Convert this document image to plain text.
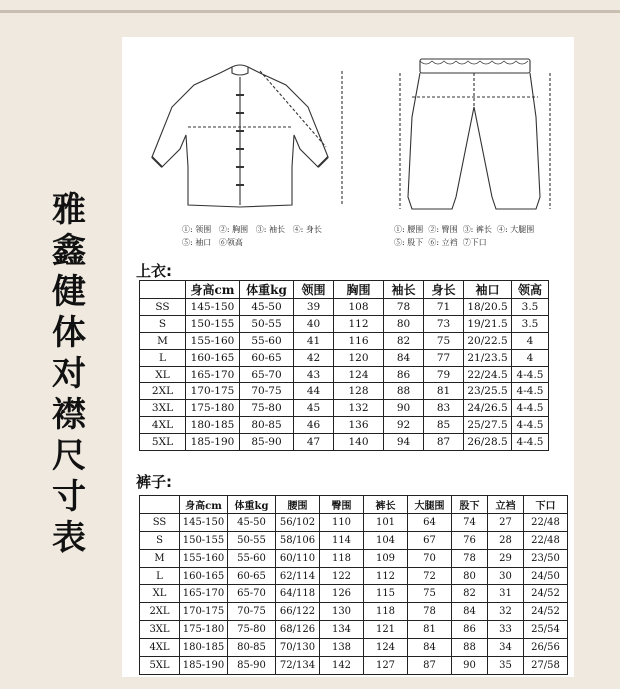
雅
鑫
健
体
对
襟
尺
寸
表
①: 领围 ②: 胸围 ③: 袖长 ④: 身长
⑤: 袖口 ⑥领高
①: 腰围 ②: 臀围 ③: 裤长 ④: 大腿围
⑤: 股下 ⑥: 立裆 ⑦下口
上衣:
	身高cm	体重kg	领围	胸围	袖长	身长	袖口	领高
SS	145-150	45-50	39	108	78	71	18/20.5	3.5
S	150-155	50-55	40	112	80	73	19/21.5	3.5
M	155-160	55-60	41	116	82	75	20/22.5	4
L	160-165	60-65	42	120	84	77	21/23.5	4
XL	165-170	65-70	43	124	86	79	22/24.5	4-4.5
2XL	170-175	70-75	44	128	88	81	23/25.5	4-4.5
3XL	175-180	75-80	45	132	90	83	24/26.5	4-4.5
4XL	180-185	80-85	46	136	92	85	25/27.5	4-4.5
5XL	185-190	85-90	47	140	94	87	26/28.5	4-4.5
裤子:
	身高cm	体重kg	腰围	臀围	裤长	大腿围	股下	立裆	下口
SS	145-150	45-50	56/102	110	101	64	74	27	22/48
S	150-155	50-55	58/106	114	104	67	76	28	22/48
M	155-160	55-60	60/110	118	109	70	78	29	23/50
L	160-165	60-65	62/114	122	112	72	80	30	24/50
XL	165-170	65-70	64/118	126	115	75	82	31	24/52
2XL	170-175	70-75	66/122	130	118	78	84	32	24/52
3XL	175-180	75-80	68/126	134	121	81	86	33	25/54
4XL	180-185	80-85	70/130	138	124	84	88	34	26/56
5XL	185-190	85-90	72/134	142	127	87	90	35	27/58
